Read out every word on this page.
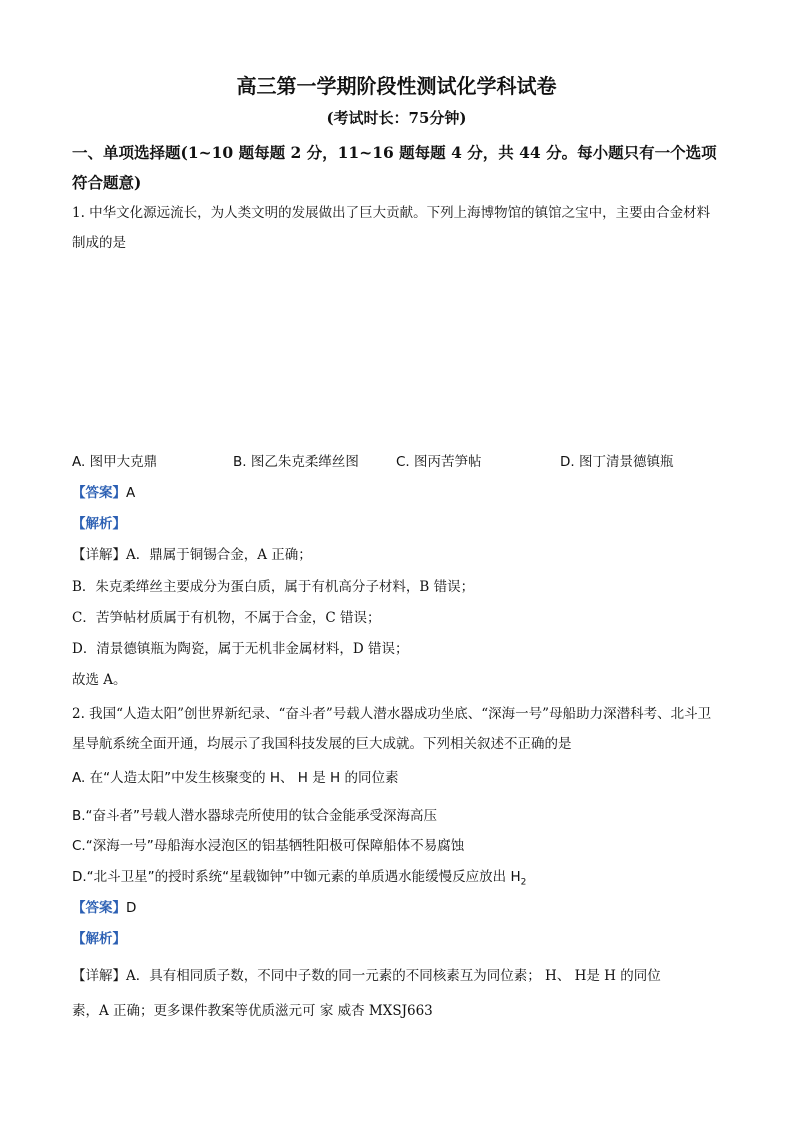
高三第一学期阶段性测试化学科试卷
(考试时长：75分钟)
一、单项选择题(1~10 题每题 2 分，11~16 题每题 4 分，共 44 分。每小题只有一个选项符合题意)
1. 中华文化源远流长，为人类文明的发展做出了巨大贡献。下列上海博物馆的镇馆之宝中，主要由合金材料制成的是
A. 图甲大克鼎	B. 图乙朱克柔缂丝图	C. 图丙苦笋帖	D. 图丁清景德镇瓶
【答案】A
【解析】
【详解】A．鼎属于铜锡合金，A 正确；
B．朱克柔缂丝主要成分为蛋白质，属于有机高分子材料，B 错误；
C．苦笋帖材质属于有机物，不属于合金，C 错误；
D．清景德镇瓶为陶瓷，属于无机非金属材料，D 错误；
故选 A。
2. 我国“人造太阳”创世界新纪录、“奋斗者”号载人潜水器成功坐底、“深海一号”母船助力深潜科考、北斗卫星导航系统全面开通，均展示了我国科技发展的巨大成就。下列相关叙述不正确的是
A. 在“人造太阳”中发生核聚变的 H、 H 是 H 的同位素
B.“奋斗者”号载人潜水器球壳所使用的钛合金能承受深海高压
C.“深海一号”母船海水浸泡区的铝基牺牲阳极可保障船体不易腐蚀
D.“北斗卫星”的授时系统“星载铷钟”中铷元素的单质遇水能缓慢反应放出 $H_2$
【答案】D
【解析】
【详解】A．具有相同质子数，不同中子数的同一元素的不同核素互为同位素； H、 H是 H 的同位
素，A 正确；更多课件教案等优质滋元可 家 威杏 MXSJ663
